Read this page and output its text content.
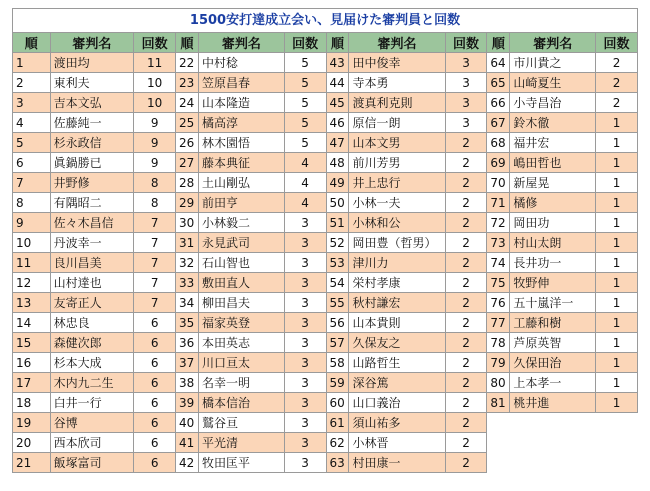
1500安打達成立会い、見届けた審判員と回数
順	審判名	回数	順	審判名	回数	順	審判名	回数	順	審判名	回数
1	渡田均	11	22	中村稔	5	43	田中俊幸	3	64	市川貴之	2
2	東利夫	10	23	笠原昌春	5	44	寺本勇	3	65	山崎夏生	2
3	吉本文弘	10	24	山本隆造	5	45	渡真利克則	3	66	小寺昌治	2
4	佐藤純一	9	25	橘高淳	5	46	原信一朗	3	67	鈴木徹	1
5	杉永政信	9	26	林木園悟	5	47	山本文男	2	68	福井宏	1
6	眞鍋勝已	9	27	藤本典征	4	48	前川芳男	2	69	嶋田哲也	1
7	井野修	8	28	土山剛弘	4	49	井上忠行	2	70	新屋晃	1
8	有隅昭二	8	29	前田亨	4	50	小林一夫	2	71	橘修	1
9	佐々木昌信	7	30	小林毅二	3	51	小林和公	2	72	岡田功	1
10	丹波幸一	7	31	永見武司	3	52	岡田豊（哲男）	2	73	村山太朗	1
11	良川昌美	7	32	石山智也	3	53	津川力	2	74	長井功一	1
12	山村達也	7	33	敷田直人	3	54	栄村孝康	2	75	牧野伸	1
13	友寄正人	7	34	柳田昌夫	3	55	秋村謙宏	2	76	五十嵐洋一	1
14	林忠良	6	35	福家英登	3	56	山本貴則	2	77	工藤和樹	1
15	森健次郎	6	36	本田英志	3	57	久保友之	2	78	芦原英智	1
16	杉本大成	6	37	川口亘太	3	58	山路哲生	2	79	久保田治	1
17	木内九二生	6	38	名幸一明	3	59	深谷篤	2	80	上本孝一	1
18	白井一行	6	39	橋本信治	3	60	山口義治	2	81	桃井進	1
19	谷博	6	40	鷲谷亘	3	61	須山祐多	2			
20	西本欣司	6	41	平光清	3	62	小林晋	2			
21	飯塚富司	6	42	牧田匡平	3	63	村田康一	2			
